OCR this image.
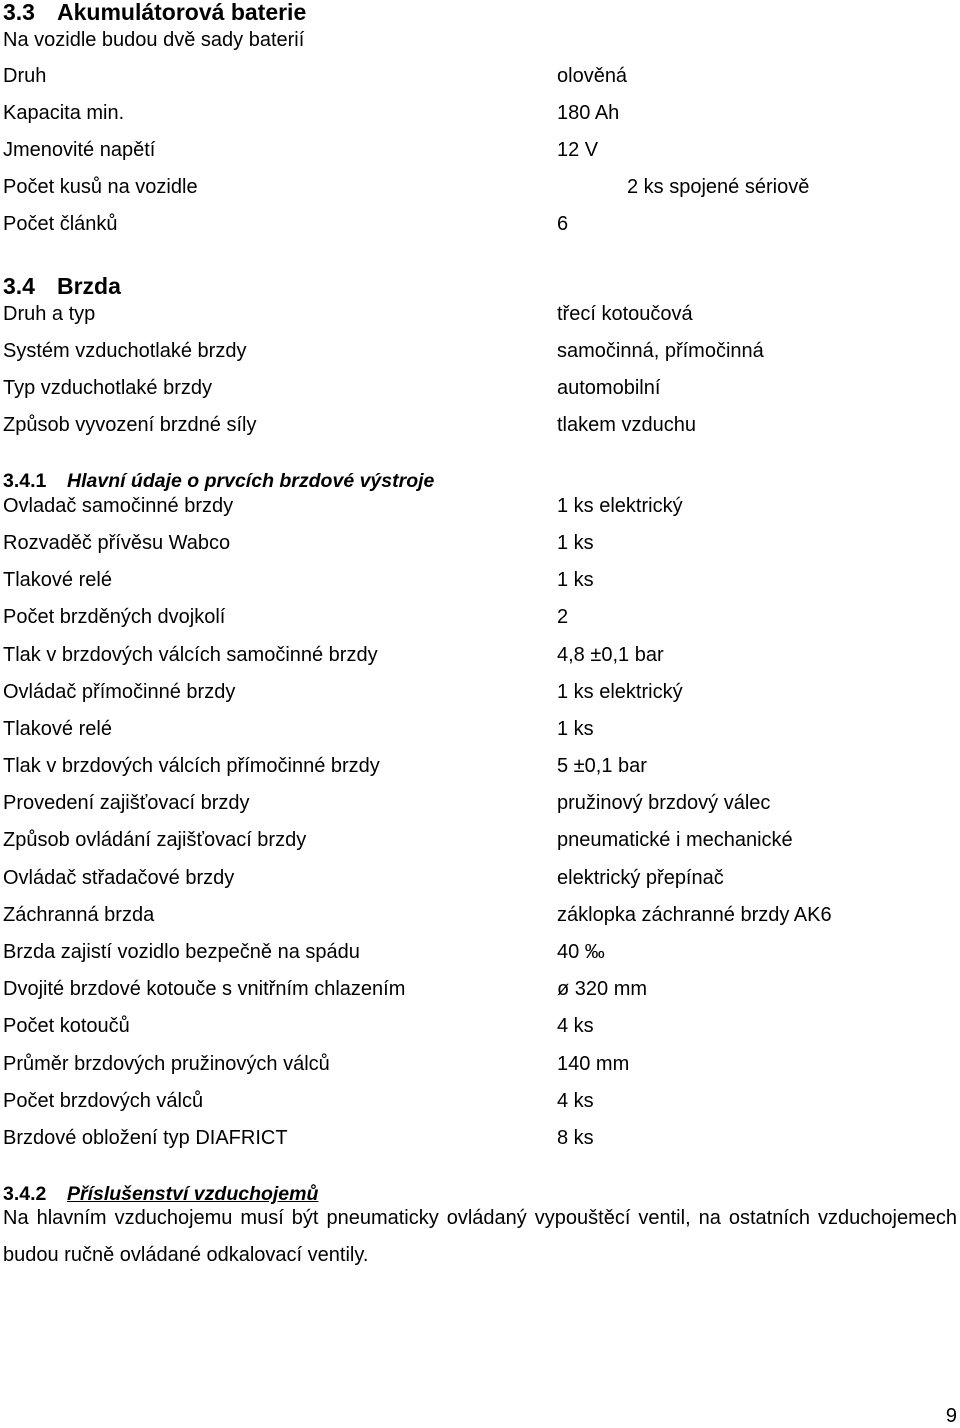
3.3 Akumulátorová baterie
Na vozidle budou dvě sady baterií
Druh	olověná
Kapacita min.	180 Ah
Jmenovité napětí	12 V
Počet kusů na vozidle	2 ks spojené sériově
Počet článků	6
3.4 Brzda
Druh a typ	třecí kotoučová
Systém vzduchotlaké brzdy	samočinná, přímočinná
Typ vzduchotlaké brzdy	automobilní
Způsob vyvození brzdné síly	tlakem vzduchu
3.4.1 Hlavní údaje o prvcích brzdové výstroje
Ovladač samočinné brzdy	1 ks elektrický
Rozvaděč přívěsu Wabco	1 ks
Tlakové relé	1 ks
Počet brzděných dvojkolí	2
Tlak v brzdových válcích samočinné brzdy	4,8 ±0,1 bar
Ovládač přímočinné brzdy	1 ks elektrický
Tlakové relé	1 ks
Tlak v brzdových válcích přímočinné brzdy	5 ±0,1 bar
Provedení zajišťovací brzdy	pružinový brzdový válec
Způsob ovládání zajišťovací brzdy	pneumatické i mechanické
Ovládač střadačové brzdy	elektrický přepínač
Záchranná brzda	záklopka záchranné brzdy AK6
Brzda zajistí vozidlo bezpečně na spádu	40 ‰
Dvojité brzdové kotouče s vnitřním chlazením	ø 320 mm
Počet kotoučů	4 ks
Průměr brzdových pružinových válců	140 mm
Počet brzdových válců	4 ks
Brzdové obložení typ DIAFRICT	8 ks
3.4.2 Příslušenství vzduchojemů
Na hlavním vzduchojemu musí být pneumaticky ovládaný vypouštěcí ventil, na ostatních vzduchojemech budou ručně ovládané odkalovací ventily.
9
